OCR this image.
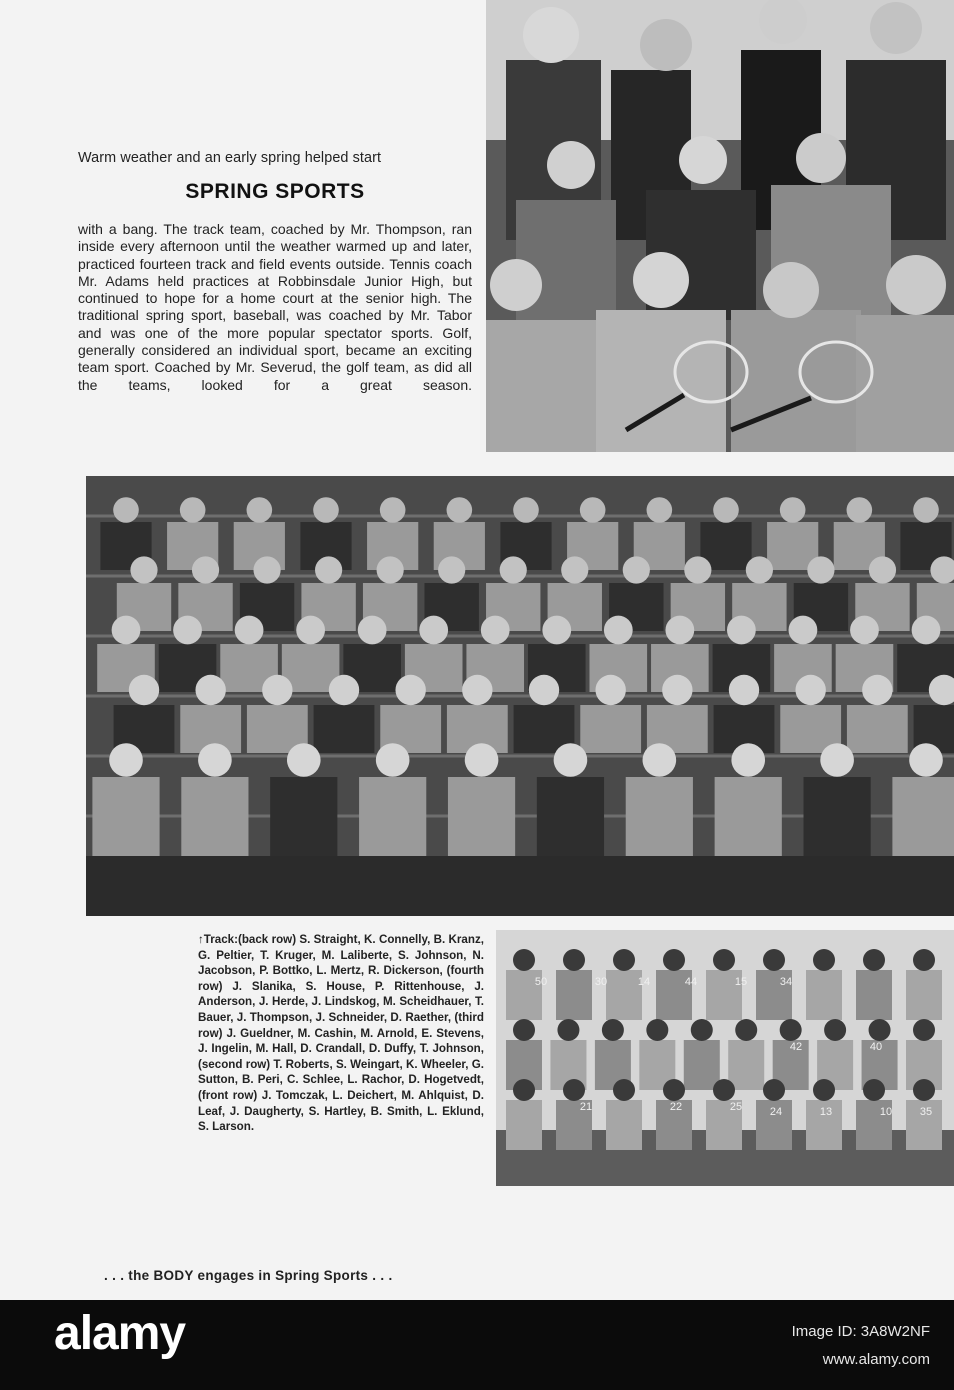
Warm weather and an early spring helped start
SPRING SPORTS
with a bang. The track team, coached by Mr. Thompson, ran inside every afternoon until the weather warmed up and later, practiced fourteen track and field events outside. Tennis coach Mr. Adams held practices at Robbinsdale Junior High, but continued to hope for a home court at the senior high. The traditional spring sport, baseball, was coached by Mr. Tabor and was one of the more popular spectator sports. Golf, generally considered an individual sport, became an exciting team sport. Coached by Mr. Severud, the golf team, as did all the teams, looked for a great season.
↑Track:(back row) S. Straight, K. Connelly, B. Kranz, G. Peltier, T. Kruger, M. Laliberte, S. Johnson, N. Jacobson, P. Bottko, L. Mertz, R. Dickerson, (fourth row) J. Slanika, S. House, P. Rittenhouse, J. Anderson, J. Herde, J. Lindskog, M. Scheidhauer, T. Bauer, J. Thompson, J. Schneider, D. Raether, (third row) J. Gueldner, M. Cashin, M. Arnold, E. Stevens, J. Ingelin, M. Hall, D. Crandall, D. Duffy, T. Johnson, (second row) T. Roberts, S. Weingart, K. Wheeler, G. Sutton, B. Peri, C. Schlee, L. Rachor, D. Hogetvedt, (front row) J. Tomczak, L. Deichert, M. Ahlquist, D. Leaf, J. Daugherty, S. Hartley, B. Smith, L. Eklund, S. Larson.
50	30	14	44	15	34
42	40
21	22	25	24	13	10	35
. . . the BODY engages in Spring Sports . . .
alamy	Image ID: 3A8W2NF
www.alamy.com
